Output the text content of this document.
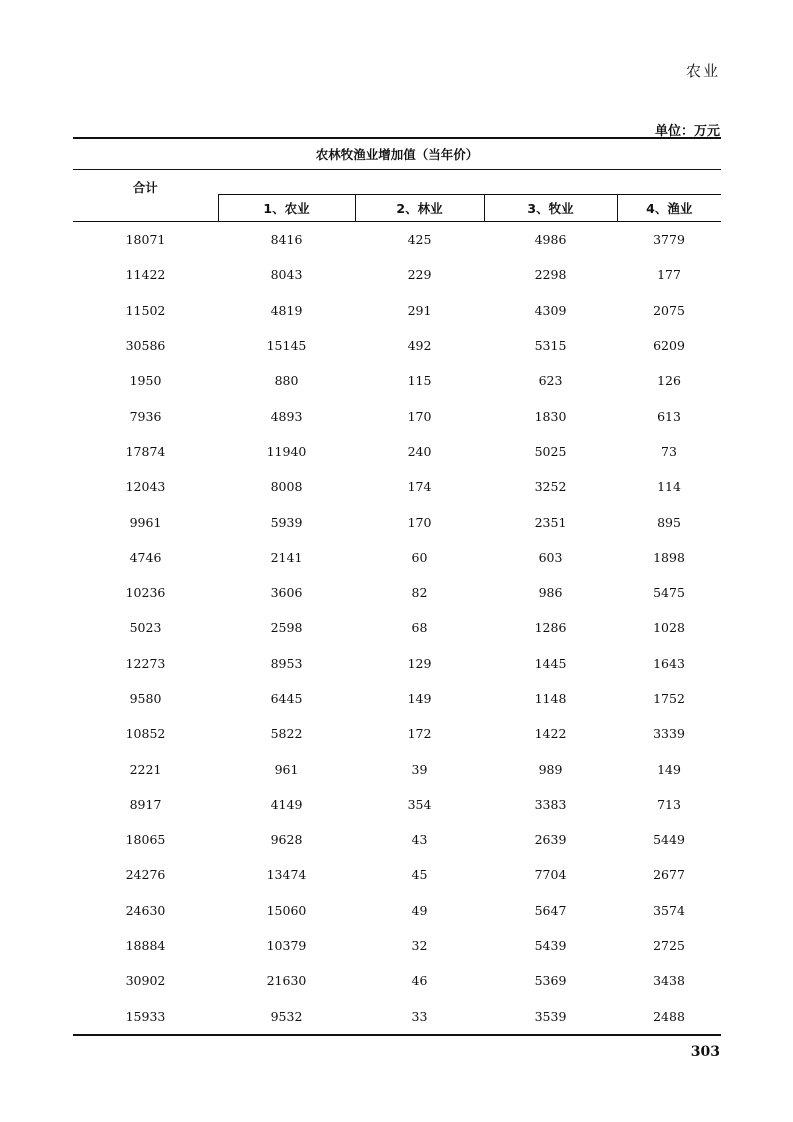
农业
单位：万元
农林牧渔业增加值（当年价）				
合计				
	1、农业	2、林业	3、牧业	4、渔业
18071	8416	425	4986	3779
11422	8043	229	2298	177
11502	4819	291	4309	2075
30586	15145	492	5315	6209
1950	880	115	623	126
7936	4893	170	1830	613
17874	11940	240	5025	73
12043	8008	174	3252	114
9961	5939	170	2351	895
4746	2141	60	603	1898
10236	3606	82	986	5475
5023	2598	68	1286	1028
12273	8953	129	1445	1643
9580	6445	149	1148	1752
10852	5822	172	1422	3339
2221	961	39	989	149
8917	4149	354	3383	713
18065	9628	43	2639	5449
24276	13474	45	7704	2677
24630	15060	49	5647	3574
18884	10379	32	5439	2725
30902	21630	46	5369	3438
15933	9532	33	3539	2488
303
